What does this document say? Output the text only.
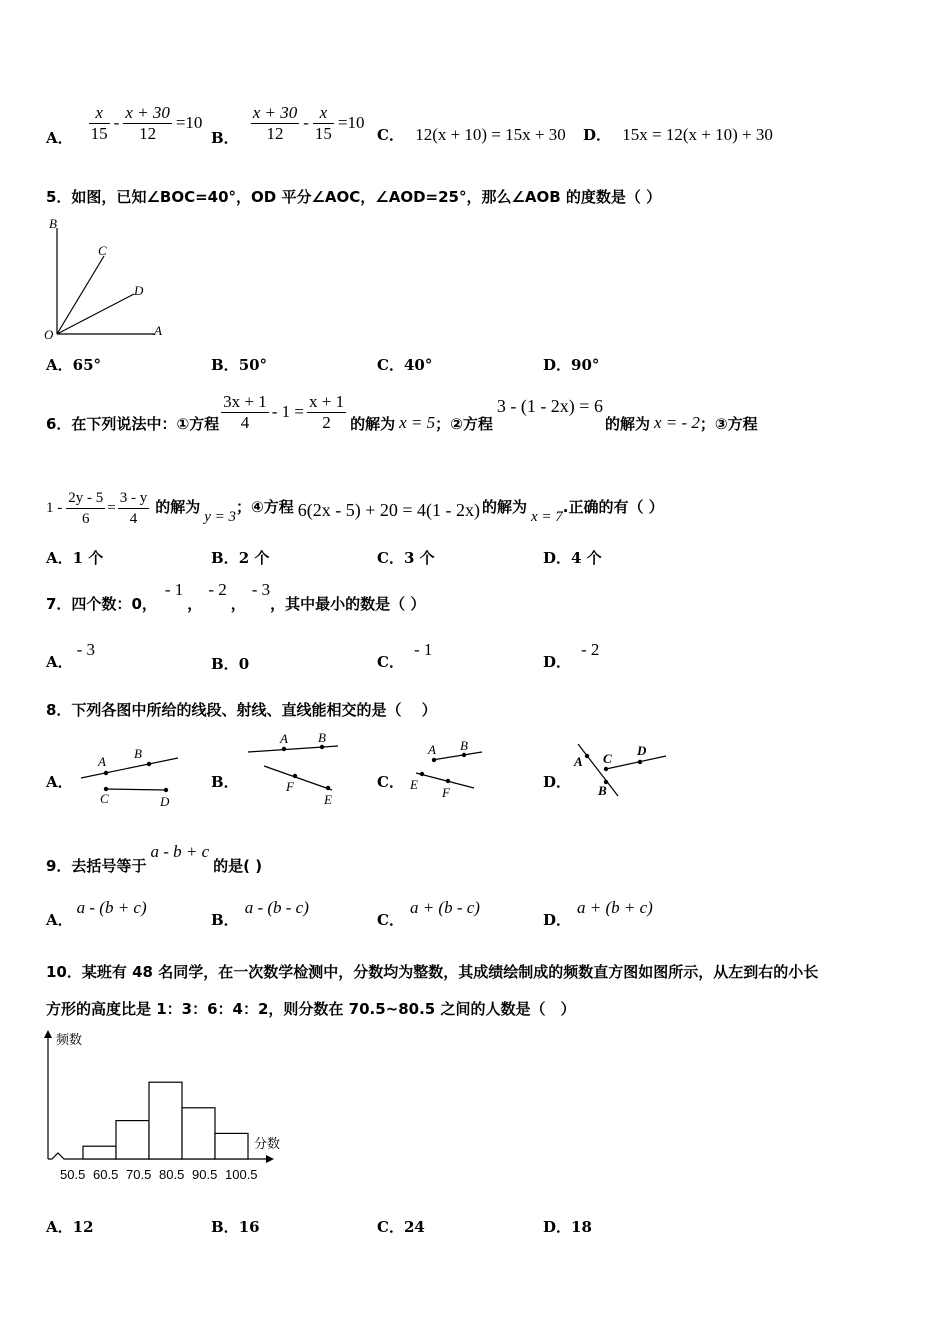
A． $\frac{x}{15} - \frac{x + 30}{12} =10$
B． $\frac{x + 30}{12} - \frac{x}{15} =10$
C． 12(x + 10) = 15x + 30 D． 15x = 12(x + 10) + 30
5．如图，已知∠BOC=40°，OD 平分∠AOC，∠AOD=25°，那么∠AOB 的度数是（ ）
B
C
D
O	A
A．65°	B．50°	C．40°	D．90°
6．在下列说法中：①方程 $\frac{3x + 1}{4} - 1 = \frac{x + 1}{2}$ 的解为 x = 5 ；②方程
3 - (1 - 2x) = 6
的解为 x = - 2 ；③方程
$1 - \frac{2y - 5}{6} = \frac{3 - y}{4}$ 的解为
y = 3
；④方程 6(2x - 5) + 20 = 4(1 - 2x) 的解为
x = 7
.正确的有（ ）
A．1 个	B．2 个	C．3 个	D．4 个
7．四个数：0，
- 1
，
- 2
，
- 3
，其中最小的数是（ ）
A．
- 3
B．0	C．
- 1
D．
- 2
8．下列各图中所给的线段、射线、直线能相交的是（　 ）
A．
A
B
C	D
B．
A B
F
E
C．
A B
E
F
D．
A C
D
B
9．去括号等于
a - b + c
的是( )
A．
a - (b + c)
B．
a - (b - c)
C．
a + (b - c)
D．
a + (b + c)
10．某班有 48 名同学，在一次数学检测中，分数均为整数，其成绩绘制成的频数直方图如图所示，从左到右的小长
方形的高度比是 1：3：6：4：2，则分数在 70.5~80.5 之间的人数是（　）
频数
分数
50.5 60.5 70.5 80.5 90.5 100.5
A．12	B．16	C．24	D．18
